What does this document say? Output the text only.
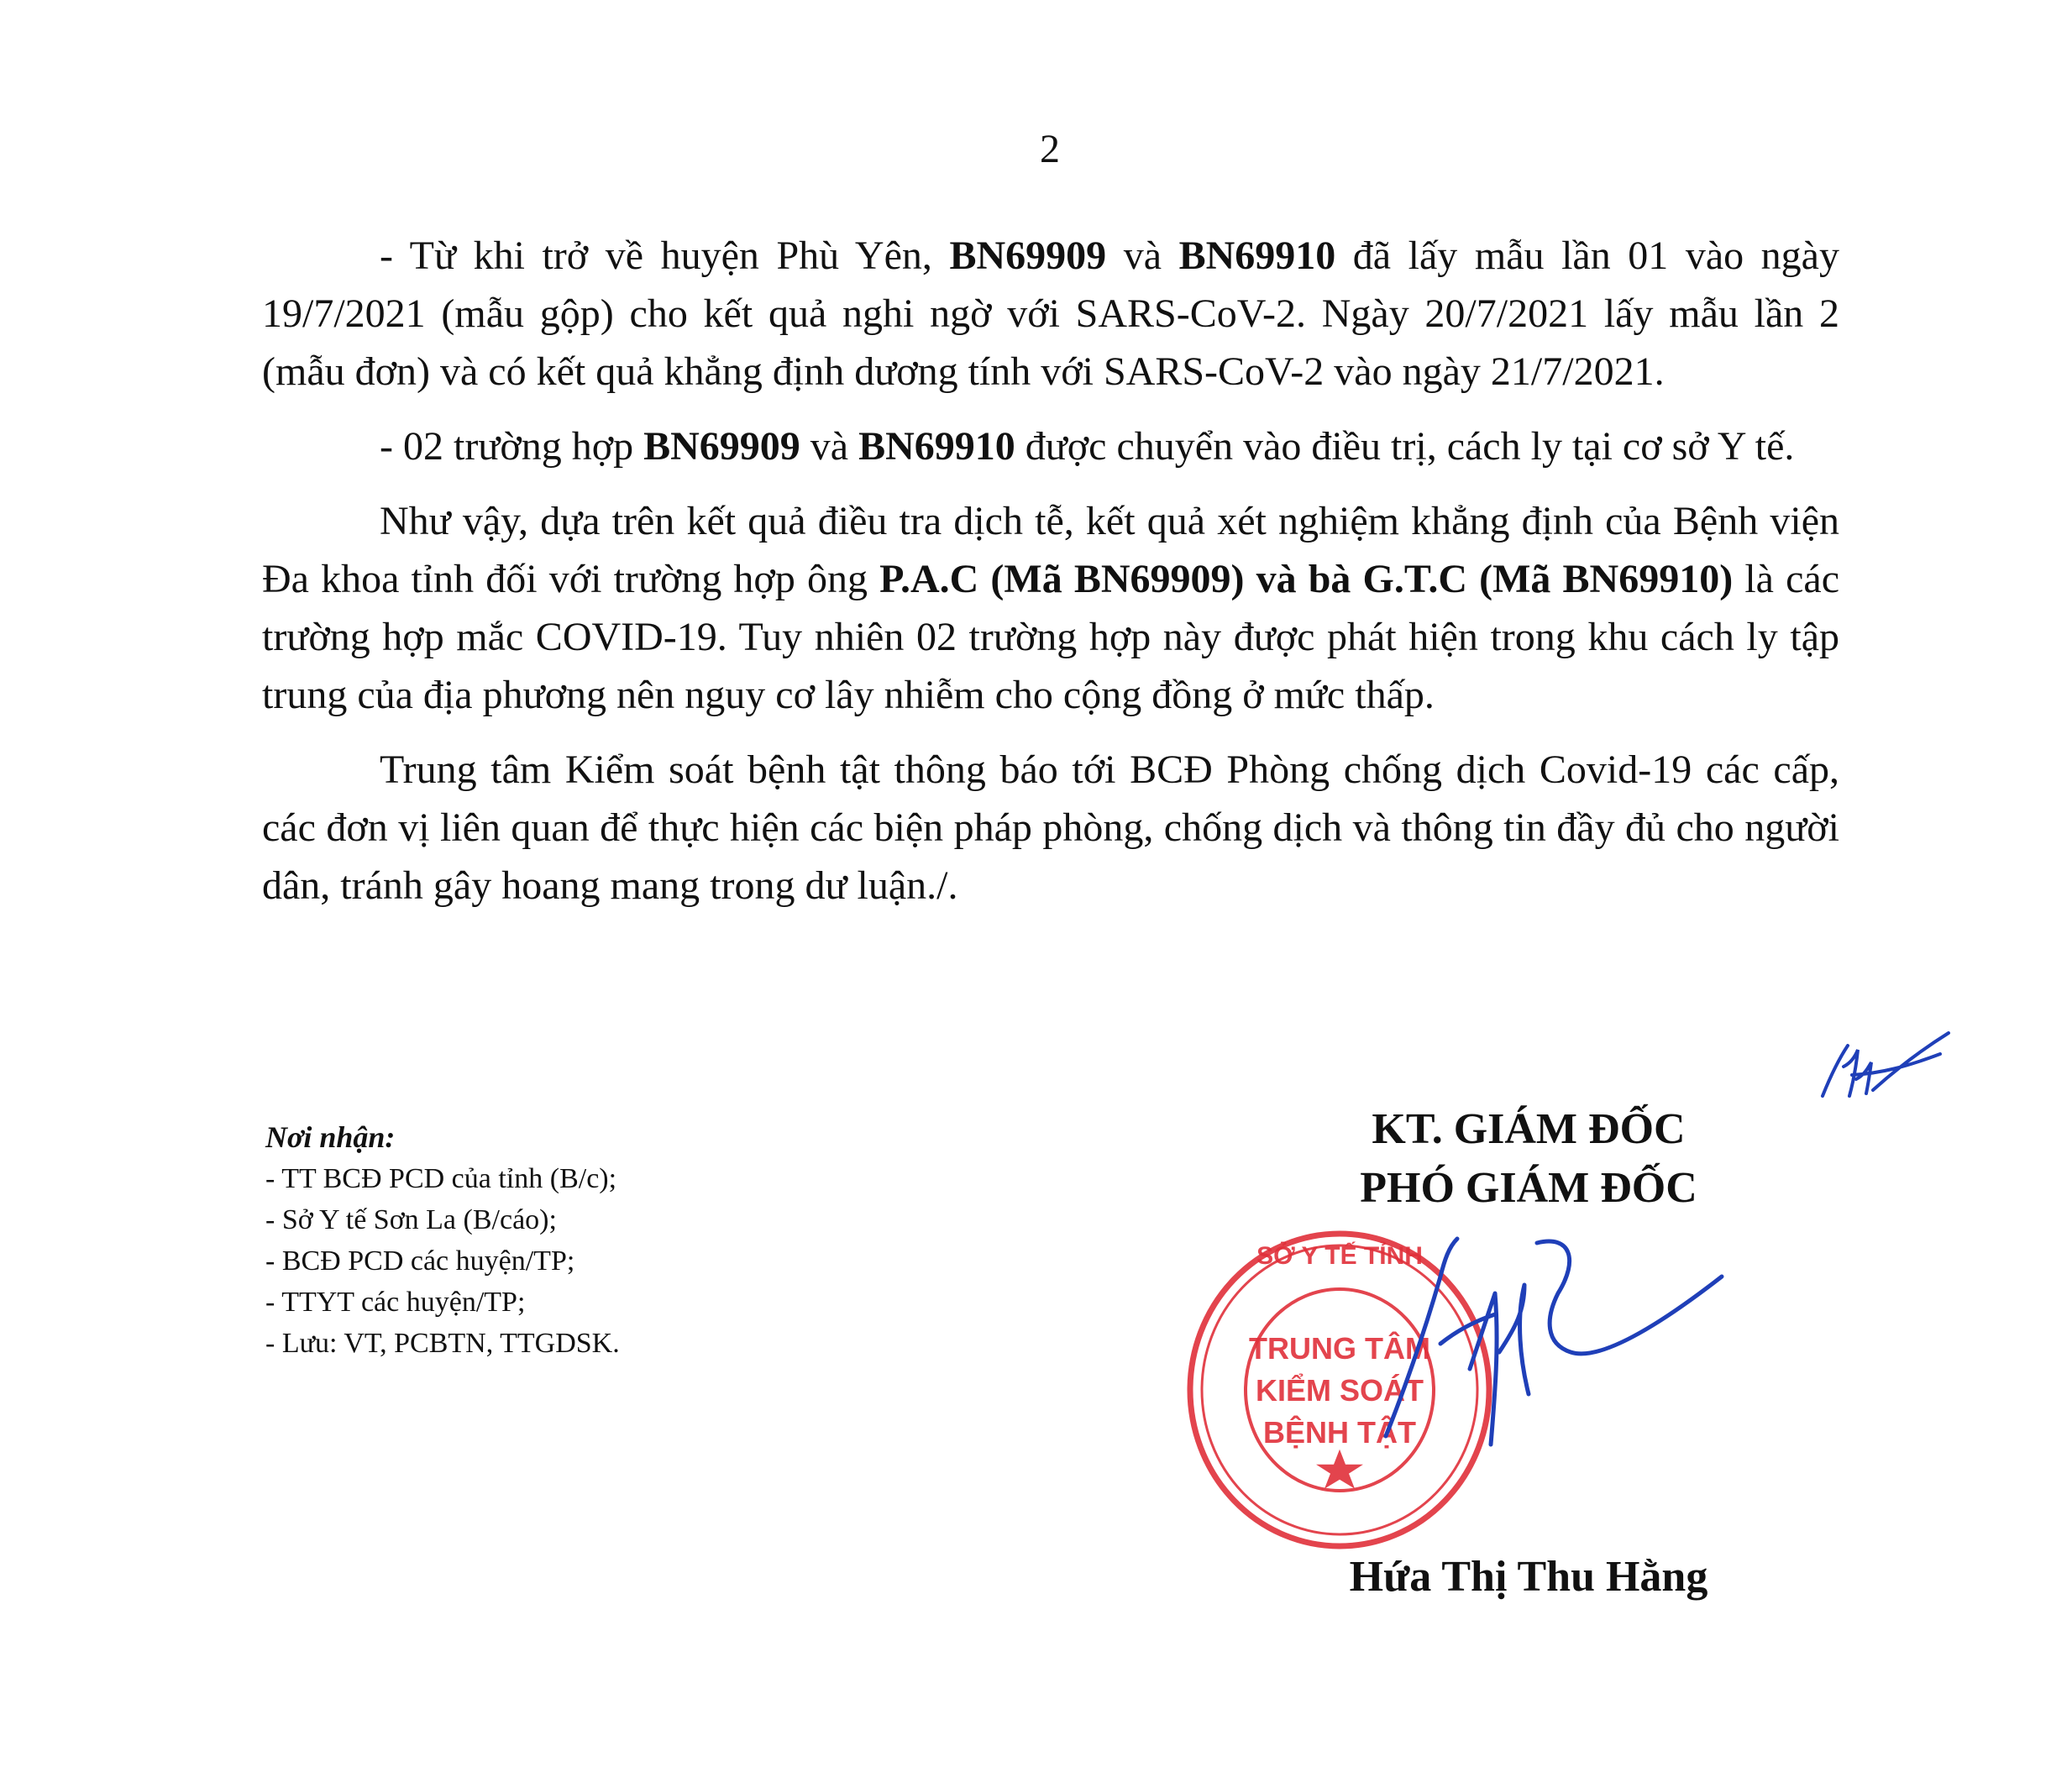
2

- Từ khi trở về huyện Phù Yên, BN69909 và BN69910 đã lấy mẫu lần 01 vào ngày 19/7/2021 (mẫu gộp) cho kết quả nghi ngờ với SARS-CoV-2. Ngày 20/7/2021 lấy mẫu lần 2 (mẫu đơn) và có kết quả khẳng định dương tính với SARS-CoV-2 vào ngày 21/7/2021.

- 02 trường hợp BN69909 và BN69910 được chuyển vào điều trị, cách ly tại cơ sở Y tế.

Như vậy, dựa trên kết quả điều tra dịch tễ, kết quả xét nghiệm khẳng định của Bệnh viện Đa khoa tỉnh đối với trường hợp ông P.A.C (Mã BN69909) và bà G.T.C (Mã BN69910) là các trường hợp mắc COVID-19. Tuy nhiên 02 trường hợp này được phát hiện trong khu cách ly tập trung của địa phương nên nguy cơ lây nhiễm cho cộng đồng ở mức thấp.

Trung tâm Kiểm soát bệnh tật thông báo tới BCĐ Phòng chống dịch Covid-19 các cấp, các đơn vị liên quan để thực hiện các biện pháp phòng, chống dịch và thông tin đầy đủ cho người dân, tránh gây hoang mang trong dư luận./.

Nơi nhận:
- TT BCĐ PCD của tỉnh (B/c);
- Sở Y tế Sơn La (B/cáo);
- BCĐ PCD các huyện/TP;
- TTYT các huyện/TP;
- Lưu: VT, PCBTN, TTGDSK.
KT. GIÁM ĐỐC
PHÓ GIÁM ĐỐC
SỞ Y TẾ TỈNH
TRUNG TÂM
KIỂM SOÁT
BỆNH TẬT
Hứa Thị Thu Hằng
